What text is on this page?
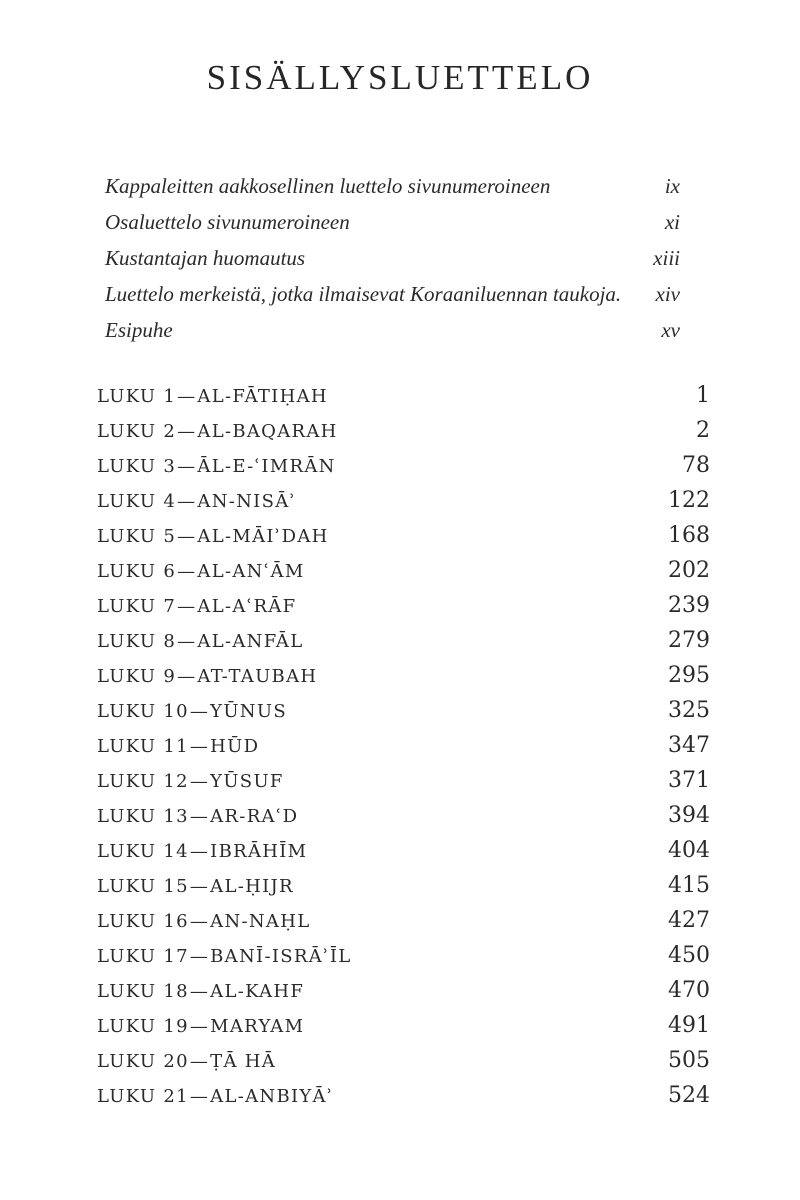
SISÄLLYSLUETTELO
Kappaleitten aakkosellinen luettelo sivunumeroineen	ix
Osaluettelo sivunumeroineen	xi
Kustantajan huomautus	xiii
Luettelo merkeistä, jotka ilmaisevat Koraaniluennan taukoja. xiv
Esipuhe	xv
LUKU 1—AL-FĀTIḤAH	1
LUKU 2—AL-BAQARAH	2
LUKU 3—ĀL-E-ʿIMRĀN	78
LUKU 4—AN-NISĀʾ	122
LUKU 5—AL-MĀIʾDAH	168
LUKU 6—AL-ANʿĀM	202
LUKU 7—AL-AʿRĀF	239
LUKU 8—AL-ANFĀL	279
LUKU 9—AT-TAUBAH	295
LUKU 10—YŪNUS	325
LUKU 11—HŪD	347
LUKU 12—YŪSUF	371
LUKU 13—AR-RAʿD	394
LUKU 14—IBRĀHĪM	404
LUKU 15—AL-ḤIJR	415
LUKU 16—AN-NAḤL	427
LUKU 17—BANĪ-ISRĀʾĪL	450
LUKU 18—AL-KAHF	470
LUKU 19—MARYAM	491
LUKU 20—ṬĀ HĀ	505
LUKU 21—AL-ANBIYĀʾ	524
